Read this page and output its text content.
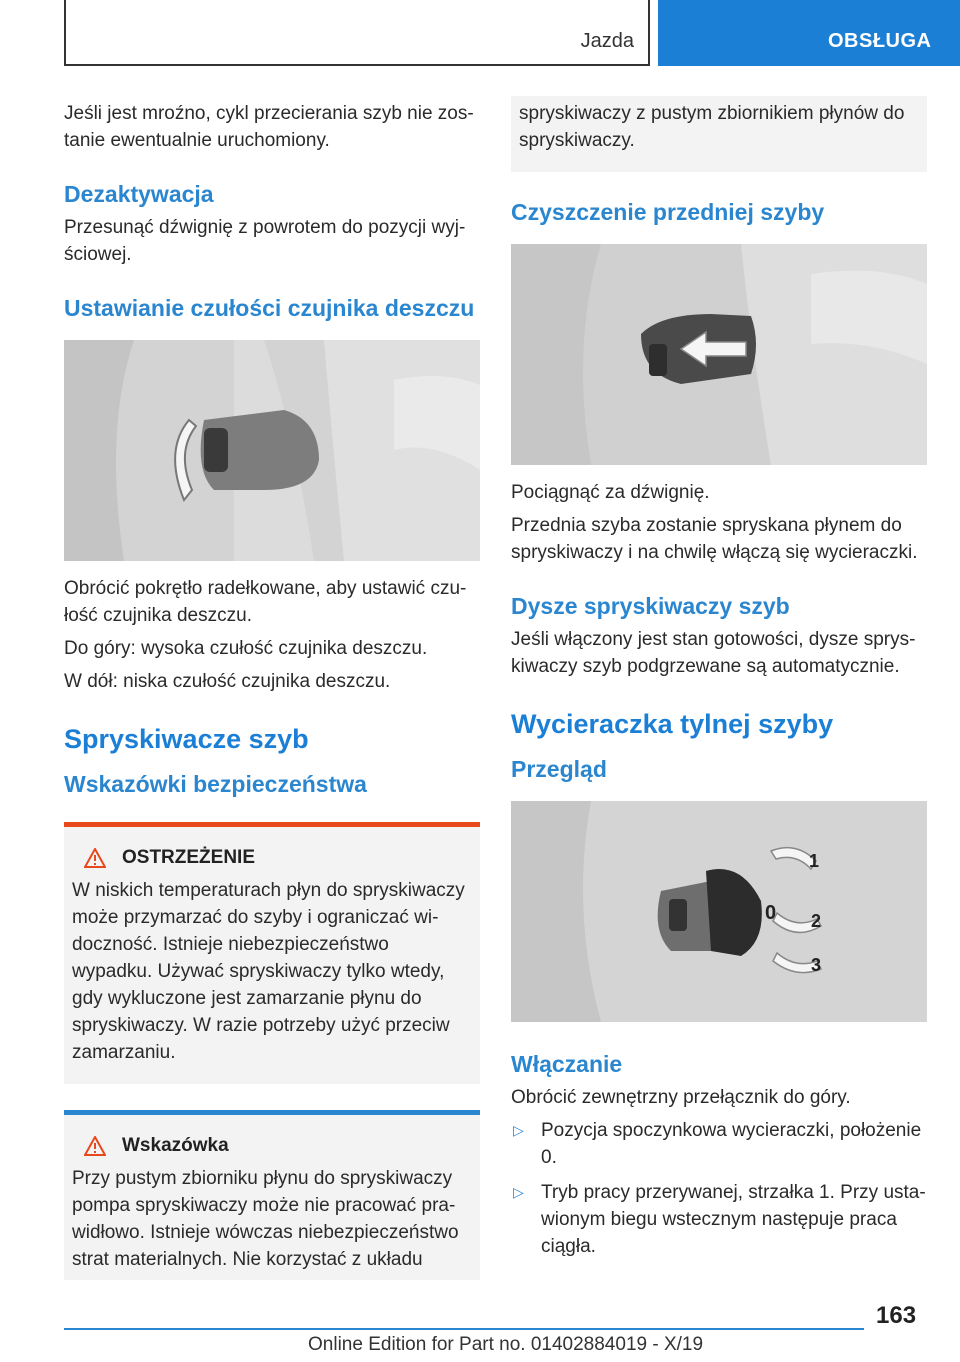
Jazda	OBSŁUGA

Jeśli jest mroźno, cykl przecierania szyb nie zostanie ewentualnie uruchomiony.

Dezaktywacja

Przesunąć dźwignię z powrotem do pozycji wyjściowej.

Ustawianie czułości czujnika deszczu

Obrócić pokrętło radełkowane, aby ustawić czułość czujnika deszczu.

Do góry: wysoka czułość czujnika deszczu.

W dół: niska czułość czujnika deszczu.

Spryskiwacze szyb
Wskazówki bezpieczeństwa
OSTRZEŻENIE

W niskich temperaturach płyn do spryskiwaczy może przymarzać do szyby i ograniczać widoczność. Istnieje niebezpieczeństwo wypadku. Używać spryskiwaczy tylko wtedy, gdy wykluczone jest zamarzanie płynu do spryskiwaczy. W razie potrzeby użyć przeciw zamarzaniu.

Wskazówka

Przy pustym zbiorniku płynu do spryskiwaczy pompa spryskiwaczy może nie pracować prawidłowo. Istnieje wówczas niebezpieczeństwo strat materialnych. Nie korzystać z układu

spryskiwaczy z pustym zbiornikiem płynów do spryskiwaczy.

Czyszczenie przedniej szyby

Pociągnąć za dźwignię.

Przednia szyba zostanie spryskana płynem do spryskiwaczy i na chwilę włączą się wycieraczki.

Dysze spryskiwaczy szyb

Jeśli włączony jest stan gotowości, dysze spryskiwaczy szyb podgrzewane są automatycznie.

Wycieraczka tylnej szyby
Przegląd
1
0 2
3
Włączanie

Obrócić zewnętrzny przełącznik do góry.

▷ Pozycja spoczynkowa wycieraczki, położenie 0.
▷ Tryb pracy przerywanej, strzałka 1. Przy ustawionym biegu wstecznym następuje praca ciągła.
163
Online Edition for Part no. 01402884019 - X/19
